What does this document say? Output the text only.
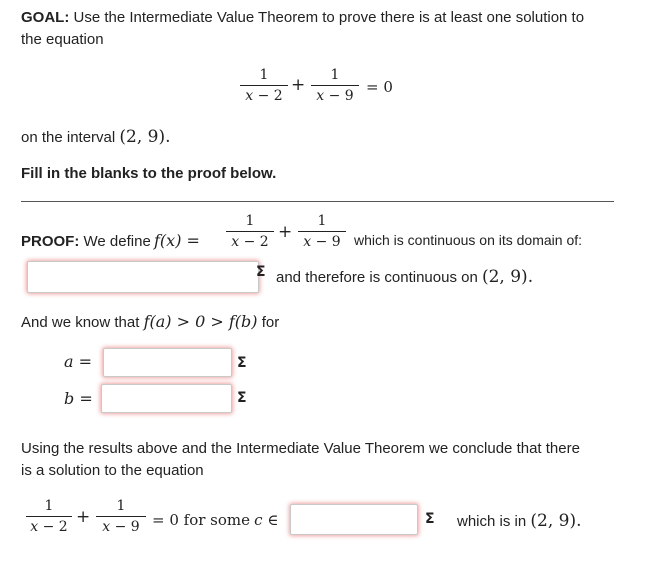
GOAL: Use the Intermediate Value Theorem to prove there is at least one solution to
the equation
1
x − 2
+	1
x − 9 = 0
on the interval (2, 9).
Fill in the blanks to the proof below.
PROOF: We define f(x) =
1
x − 2 +
1
x − 9 which is continuous on its domain of:
Σ and therefore is continuous on (2, 9).
And we know that f(a) > 0 > f(b) for
a =	Σ
b =	Σ
Using the results above and the Intermediate Value Theorem we conclude that there
is a solution to the equation
1
x − 2 +
1
x − 9 = 0 for some c ∈	Σ which is in (2, 9).
